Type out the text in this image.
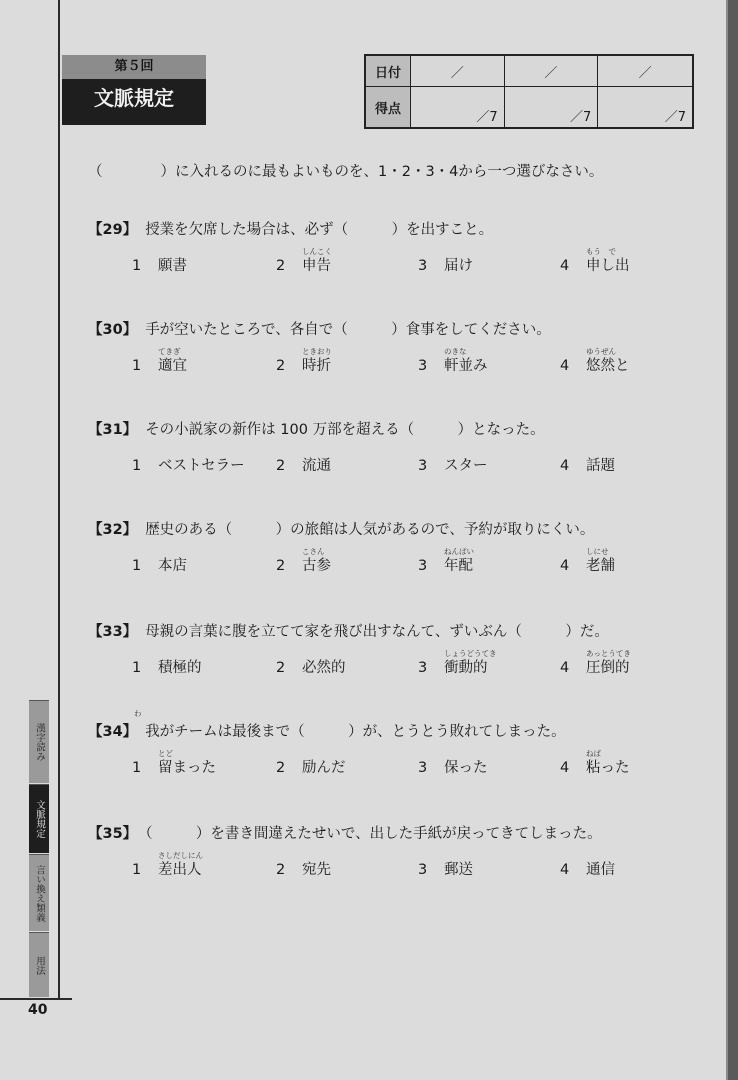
40
第５回
文脈規定
日付	／	／	／
得点	／7	／7	／7
（　　　　）に入れるのに最もよいものを、1・2・3・4から一つ選びなさい。
【29】 授業を欠席した場合は、必ず（　　　）を出すこと。
1 願書	2 申告
しんこく
3 届け	4 申し出
もう　で
【30】 手が空いたところで、各自で（　　　）食事をしてください。
1 適宜
てきぎ
2 時折
ときおり
3 軒並み
のきな
4 悠然と
ゆうぜん
【31】 その小説家の新作は 100 万部を超える（　　　）となった。
1 ベストセラー 2 流通	3 スター	4 話題
【32】 歴史のある（　　　）の旅館は人気があるので、予約が取りにくい。
1 本店	2 古参
こさん
3 年配
ねんぱい
4 老舗
しにせ
【33】 母親の言葉に腹を立てて家を飛び出すなんて、ずいぶん（　　　）だ。
1 積極的	2 必然的	3 衝動的
しょうどうてき
4 圧倒的
あっとうてき
わ
【34】 我がチームは最後まで（　　　）が、とうとう敗れてしまった。
1 留まった
とど
2 励んだ	3 保った	4 粘った
ねば
【35】 （　　　）を書き間違えたせいで、出した手紙が戻ってきてしまった。
1 差出人
さしだしにん
2 宛先	3 郵送	4 通信
漢字読み
文脈規定
言い換え類義
用法
